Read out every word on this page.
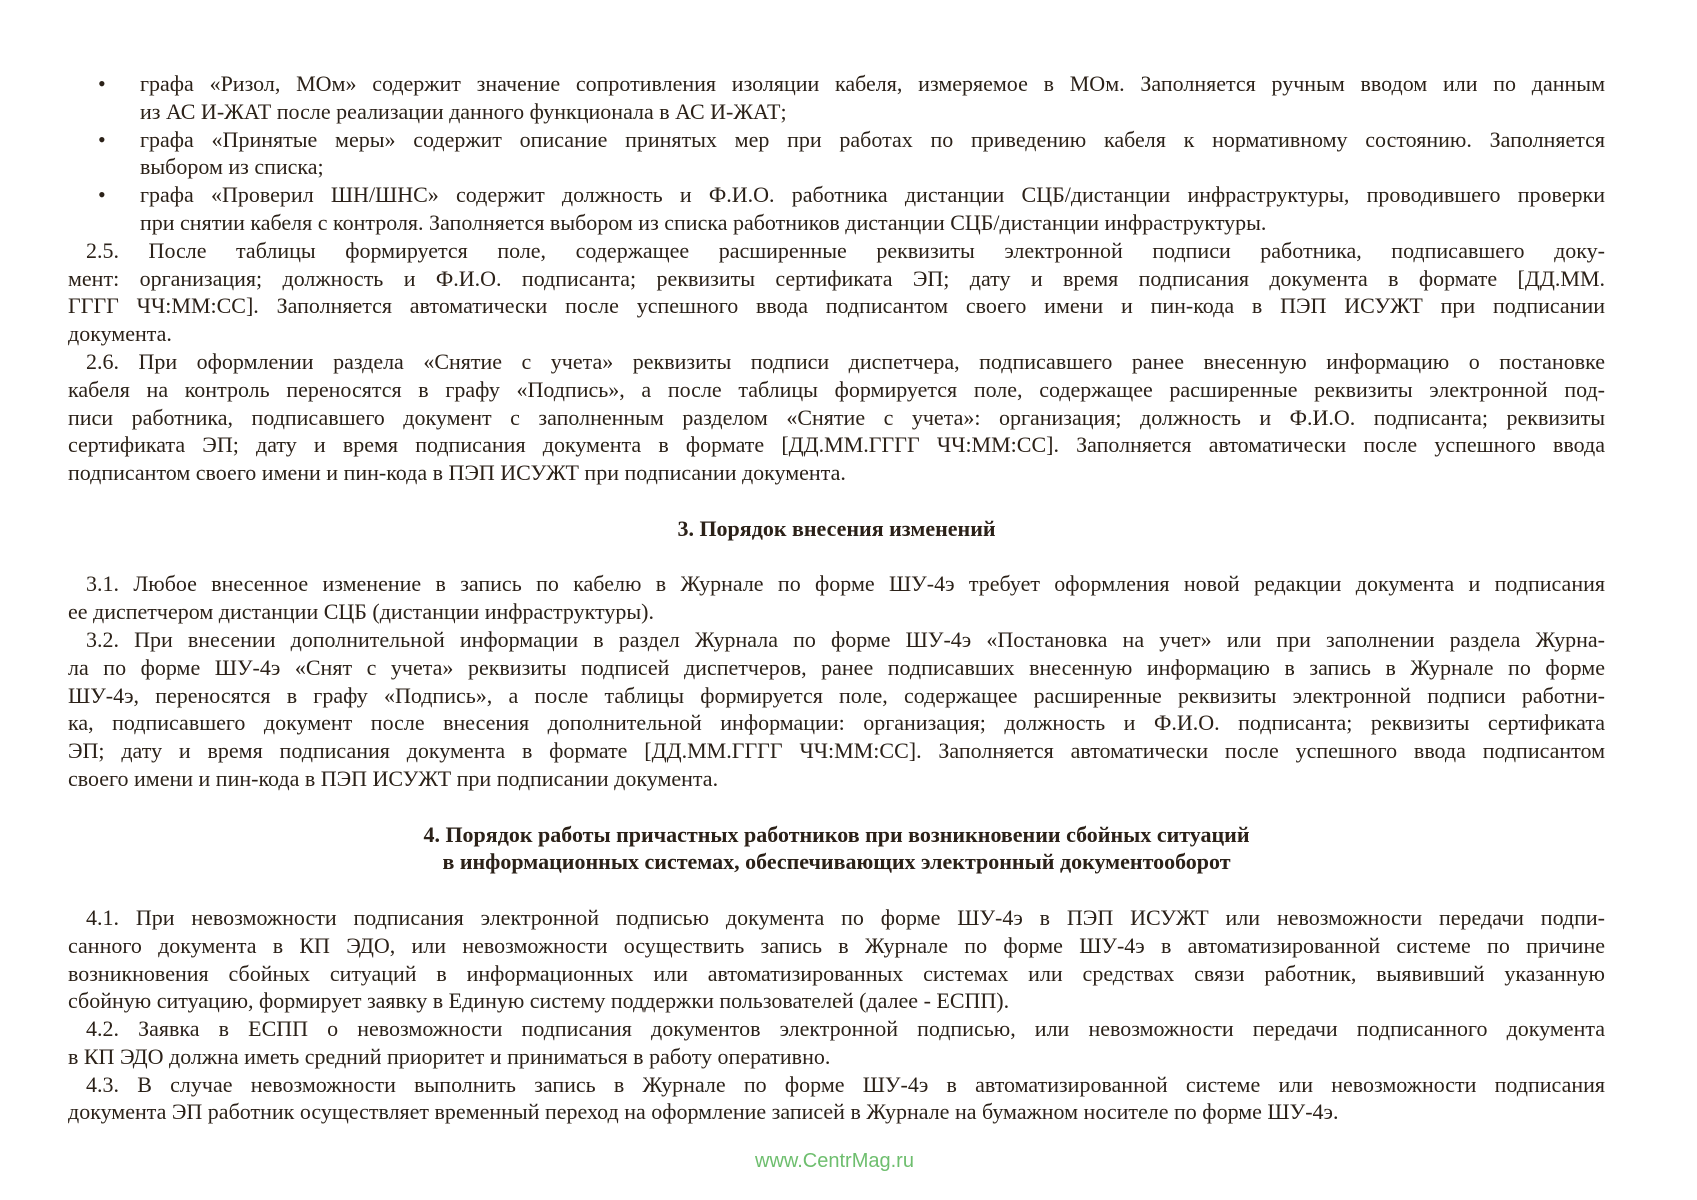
• графа «Ризол, МОм» содержит значение сопротивления изоляции кабеля, измеряемое в МОм. Заполняется ручным вводом или по данным
из АС И-ЖАТ после реализации данного функционала в АС И-ЖАТ;
• графа «Принятые меры» содержит описание принятых мер при работах по приведению кабеля к нормативному состоянию. Заполняется
выбором из списка;
• графа «Проверил ШН/ШНС» содержит должность и Ф.И.О. работника дистанции СЦБ/дистанции инфраструктуры, проводившего проверки
при снятии кабеля с контроля. Заполняется выбором из списка работников дистанции СЦБ/дистанции инфраструктуры.
2.5. После таблицы формируется поле, содержащее расширенные реквизиты электронной подписи работника, подписавшего доку-
мент: организация; должность и Ф.И.О. подписанта; реквизиты сертификата ЭП; дату и время подписания документа в формате [ДД.ММ.
ГГГГ ЧЧ:ММ:СС]. Заполняется автоматически после успешного ввода подписантом своего имени и пин-кода в ПЭП ИСУЖТ при подписании
документа.
2.6. При оформлении раздела «Снятие с учета» реквизиты подписи диспетчера, подписавшего ранее внесенную информацию о постановке
кабеля на контроль переносятся в графу «Подпись», а после таблицы формируется поле, содержащее расширенные реквизиты электронной под-
писи работника, подписавшего документ с заполненным разделом «Снятие с учета»: организация; должность и Ф.И.О. подписанта; реквизиты
сертификата ЭП; дату и время подписания документа в формате [ДД.ММ.ГГГГ ЧЧ:ММ:СС]. Заполняется автоматически после успешного ввода
подписантом своего имени и пин-кода в ПЭП ИСУЖТ при подписании документа.
3. Порядок внесения изменений
3.1. Любое внесенное изменение в запись по кабелю в Журнале по форме ШУ-4э требует оформления новой редакции документа и подписания
ее диспетчером дистанции СЦБ (дистанции инфраструктуры).
3.2. При внесении дополнительной информации в раздел Журнала по форме ШУ-4э «Постановка на учет» или при заполнении раздела Журна-
ла по форме ШУ-4э «Снят с учета» реквизиты подписей диспетчеров, ранее подписавших внесенную информацию в запись в Журнале по форме
ШУ-4э, переносятся в графу «Подпись», а после таблицы формируется поле, содержащее расширенные реквизиты электронной подписи работни-
ка, подписавшего документ после внесения дополнительной информации: организация; должность и Ф.И.О. подписанта; реквизиты сертификата
ЭП; дату и время подписания документа в формате [ДД.ММ.ГГГГ ЧЧ:ММ:СС]. Заполняется автоматически после успешного ввода подписантом
своего имени и пин-кода в ПЭП ИСУЖТ при подписании документа.
4. Порядок работы причастных работников при возникновении сбойных ситуаций
в информационных системах, обеспечивающих электронный документооборот
4.1. При невозможности подписания электронной подписью документа по форме ШУ-4э в ПЭП ИСУЖТ или невозможности передачи подпи-
санного документа в КП ЭДО, или невозможности осуществить запись в Журнале по форме ШУ-4э в автоматизированной системе по причине
возникновения сбойных ситуаций в информационных или автоматизированных системах или средствах связи работник, выявивший указанную
сбойную ситуацию, формирует заявку в Единую систему поддержки пользователей (далее - ЕСПП).
4.2. Заявка в ЕСПП о невозможности подписания документов электронной подписью, или невозможности передачи подписанного документа
в КП ЭДО должна иметь средний приоритет и приниматься в работу оперативно.
4.3. В случае невозможности выполнить запись в Журнале по форме ШУ-4э в автоматизированной системе или невозможности подписания
документа ЭП работник осуществляет временный переход на оформление записей в Журнале на бумажном носителе по форме ШУ-4э.
www.CentrMag.ru
